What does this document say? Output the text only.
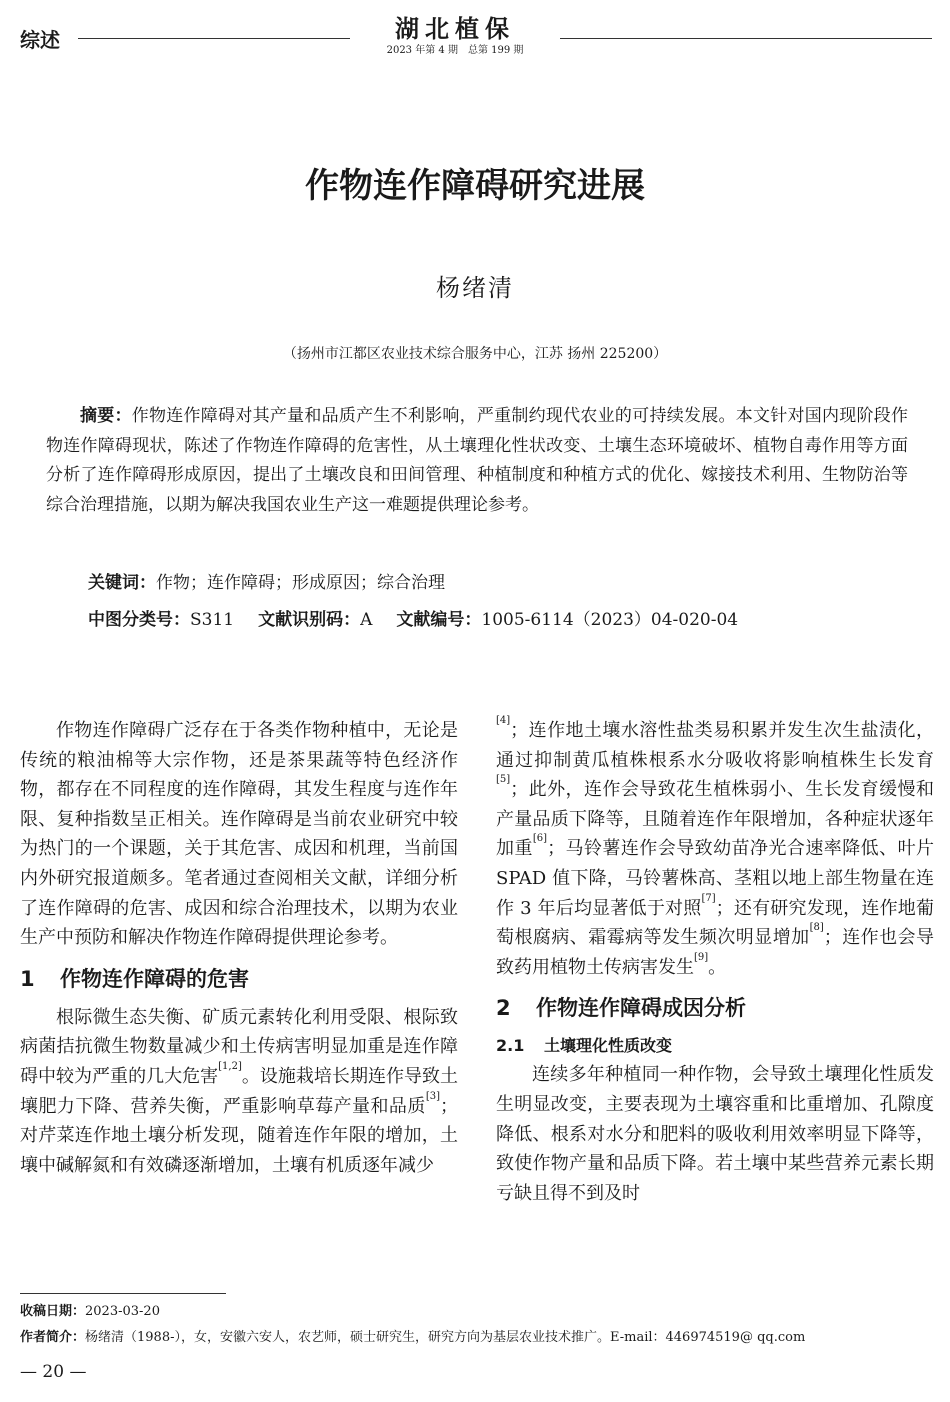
综述	湖北植保
2023 年第 4 期　总第 199 期
作物连作障碍研究进展
杨绪清
（扬州市江都区农业技术综合服务中心，江苏 扬州 225200）

摘要：作物连作障碍对其产量和品质产生不利影响，严重制约现代农业的可持续发展。本文针对国内现阶段作物连作障碍现状，陈述了作物连作障碍的危害性，从土壤理化性状改变、土壤生态环境破坏、植物自毒作用等方面分析了连作障碍形成原因，提出了土壤改良和田间管理、种植制度和种植方式的优化、嫁接技术利用、生物防治等综合治理措施，以期为解决我国农业生产这一难题提供理论参考。

关键词：作物；连作障碍；形成原因；综合治理
中图分类号：S311 文献识别码：A 文献编号：1005-6114（2023）04-020-04

作物连作障碍广泛存在于各类作物种植中，无论是传统的粮油棉等大宗作物，还是茶果蔬等特色经济作物，都存在不同程度的连作障碍，其发生程度与连作年限、复种指数呈正相关。连作障碍是当前农业研究中较为热门的一个课题，关于其危害、成因和机理，当前国内外研究报道颇多。笔者通过查阅相关文献，详细分析了连作障碍的危害、成因和综合治理技术，以期为农业生产中预防和解决作物连作障碍提供理论参考。

1 作物连作障碍的危害

根际微生态失衡、矿质元素转化利用受限、根际致病菌拮抗微生物数量减少和土传病害明显加重是连作障碍中较为严重的几大危害[1,2]。设施栽培长期连作导致土壤肥力下降、营养失衡，严重影响草莓产量和品质[3]；对芹菜连作地土壤分析发现，随着连作年限的增加，土壤中碱解氮和有效磷逐渐增加，土壤有机质逐年减少

[4]；连作地土壤水溶性盐类易积累并发生次生盐渍化，通过抑制黄瓜植株根系水分吸收将影响植株生长发育[5]；此外，连作会导致花生植株弱小、生长发育缓慢和产量品质下降等，且随着连作年限增加，各种症状逐年加重[6]；马铃薯连作会导致幼苗净光合速率降低、叶片 SPAD 值下降，马铃薯株高、茎粗以地上部生物量在连作 3 年后均显著低于对照[7]；还有研究发现，连作地葡萄根腐病、霜霉病等发生频次明显增加[8]；连作也会导致药用植物土传病害发生[9]。

2 作物连作障碍成因分析
2.1 土壤理化性质改变

连续多年种植同一种作物，会导致土壤理化性质发生明显改变，主要表现为土壤容重和比重增加、孔隙度降低、根系对水分和肥料的吸收利用效率明显下降等，致使作物产量和品质下降。若土壤中某些营养元素长期亏缺且得不到及时

收稿日期：2023-03-20
作者简介：杨绪清（1988-），女，安徽六安人，农艺师，硕士研究生，研究方向为基层农业技术推广。E-mail：446974519@ qq.com
— 20 —
